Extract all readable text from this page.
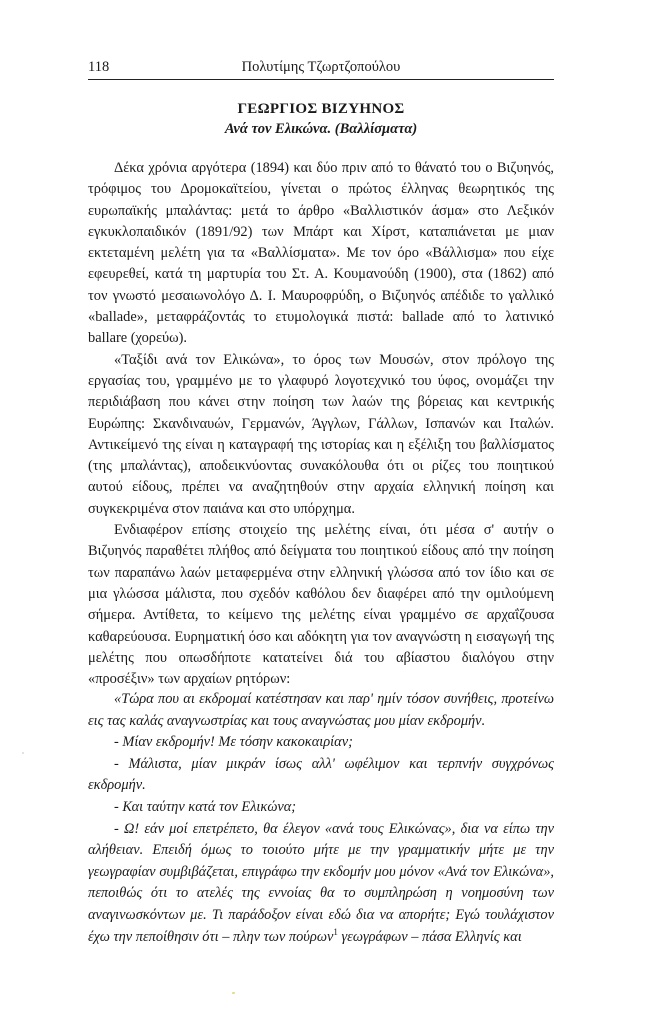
118	Πολυτίμης Τζωρτζοπούλου
ΓΕΩΡΓΙΟΣ ΒΙΖΥΗΝΟΣ
Ανά τον Ελικώνα. (Βαλλίσματα)

Δέκα χρόνια αργότερα (1894) και δύο πριν από το θάνατό του ο Βιζυηνός, τρόφιμος του Δρομοκαϊτείου, γίνεται ο πρώτος έλληνας θεωρητικός της ευρωπαϊκής μπαλάντας: μετά το άρθρο «Βαλλιστικόν άσμα» στο Λεξικόν εγκυκλοπαιδικόν (1891/92) των Μπάρτ και Χίρστ, καταπιάνεται με μιαν εκτεταμένη μελέτη για τα «Βαλλίσματα». Με τον όρο «Βάλλισμα» που είχε εφευρεθεί, κατά τη μαρτυρία του Στ. Α. Κουμανούδη (1900), στα (1862) από τον γνωστό μεσαιωνολόγο Δ. Ι. Μαυροφρύδη, ο Βιζυηνός απέδιδε το γαλλικό «ballade», μεταφράζοντάς το ετυμολογικά πιστά: ballade από το λατινικό ballare (χορεύω).

«Ταξίδι ανά τον Ελικώνα», το όρος των Μουσών, στον πρόλογο της εργασίας του, γραμμένο με το γλαφυρό λογοτεχνικό του ύφος, ονομάζει την περιδιάβαση που κάνει στην ποίηση των λαών της βόρειας και κεντρικής Ευρώπης: Σκανδιναυών, Γερμανών, Άγγλων, Γάλλων, Ισπανών και Ιταλών. Αντικείμενό της είναι η καταγραφή της ιστορίας και η εξέλιξη του βαλλίσματος (της μπαλάντας), αποδεικνύοντας συνακόλουθα ότι οι ρίζες του ποιητικού αυτού είδους, πρέπει να αναζητηθούν στην αρχαία ελληνική ποίηση και συγκεκριμένα στον παιάνα και στο υπόρχημα.

Ενδιαφέρον επίσης στοιχείο της μελέτης είναι, ότι μέσα σ' αυτήν ο Βιζυηνός παραθέτει πλήθος από δείγματα του ποιητικού είδους από την ποίηση των παραπάνω λαών μεταφερμένα στην ελληνική γλώσσα από τον ίδιο και σε μια γλώσσα μάλιστα, που σχεδόν καθόλου δεν διαφέρει από την ομιλούμενη σήμερα. Αντίθετα, το κείμενο της μελέτης είναι γραμμένο σε αρχαΐζουσα καθαρεύουσα. Ευρηματική όσο και αδόκητη για τον αναγνώστη η εισαγωγή της μελέτης που οπωσδήποτε κατατείνει διά του αβίαστου διαλόγου στην «προσέξιν» των αρχαίων ρητόρων:

«Τώρα που αι εκδρομαί κατέστησαν και παρ' ημίν τόσον συνήθεις, προτείνω εις τας καλάς αναγνωστρίας και τους αναγνώστας μου μίαν εκδρομήν.

- Μίαν εκδρομήν! Με τόσην κακοκαιρίαν;

- Μάλιστα, μίαν μικράν ίσως αλλ' ωφέλιμον και τερπνήν συγχρόνως εκδρομήν.

- Και ταύτην κατά τον Ελικώνα;

- Ω! εάν μοί επετρέπετο, θα έλεγον «ανά τους Ελικώνας», δια να είπω την αλήθειαν. Επειδή όμως το τοιούτο μήτε με την γραμματικήν μήτε με την γεωγραφίαν συμβιβάζεται, επιγράφω την εκδομήν μου μόνον «Ανά τον Ελικώνα», πεποιθώς ότι το ατελές της εννοίας θα το συμπληρώση η νοημοσύνη των αναγινωσκόντων με. Τι παράδοξον είναι εδώ δια να απορήτε; Εγώ τουλάχιστον έχω την πεποίθησιν ότι – πλην των πούρων$^1$ γεωγράφων – πάσα Ελληνίς και
